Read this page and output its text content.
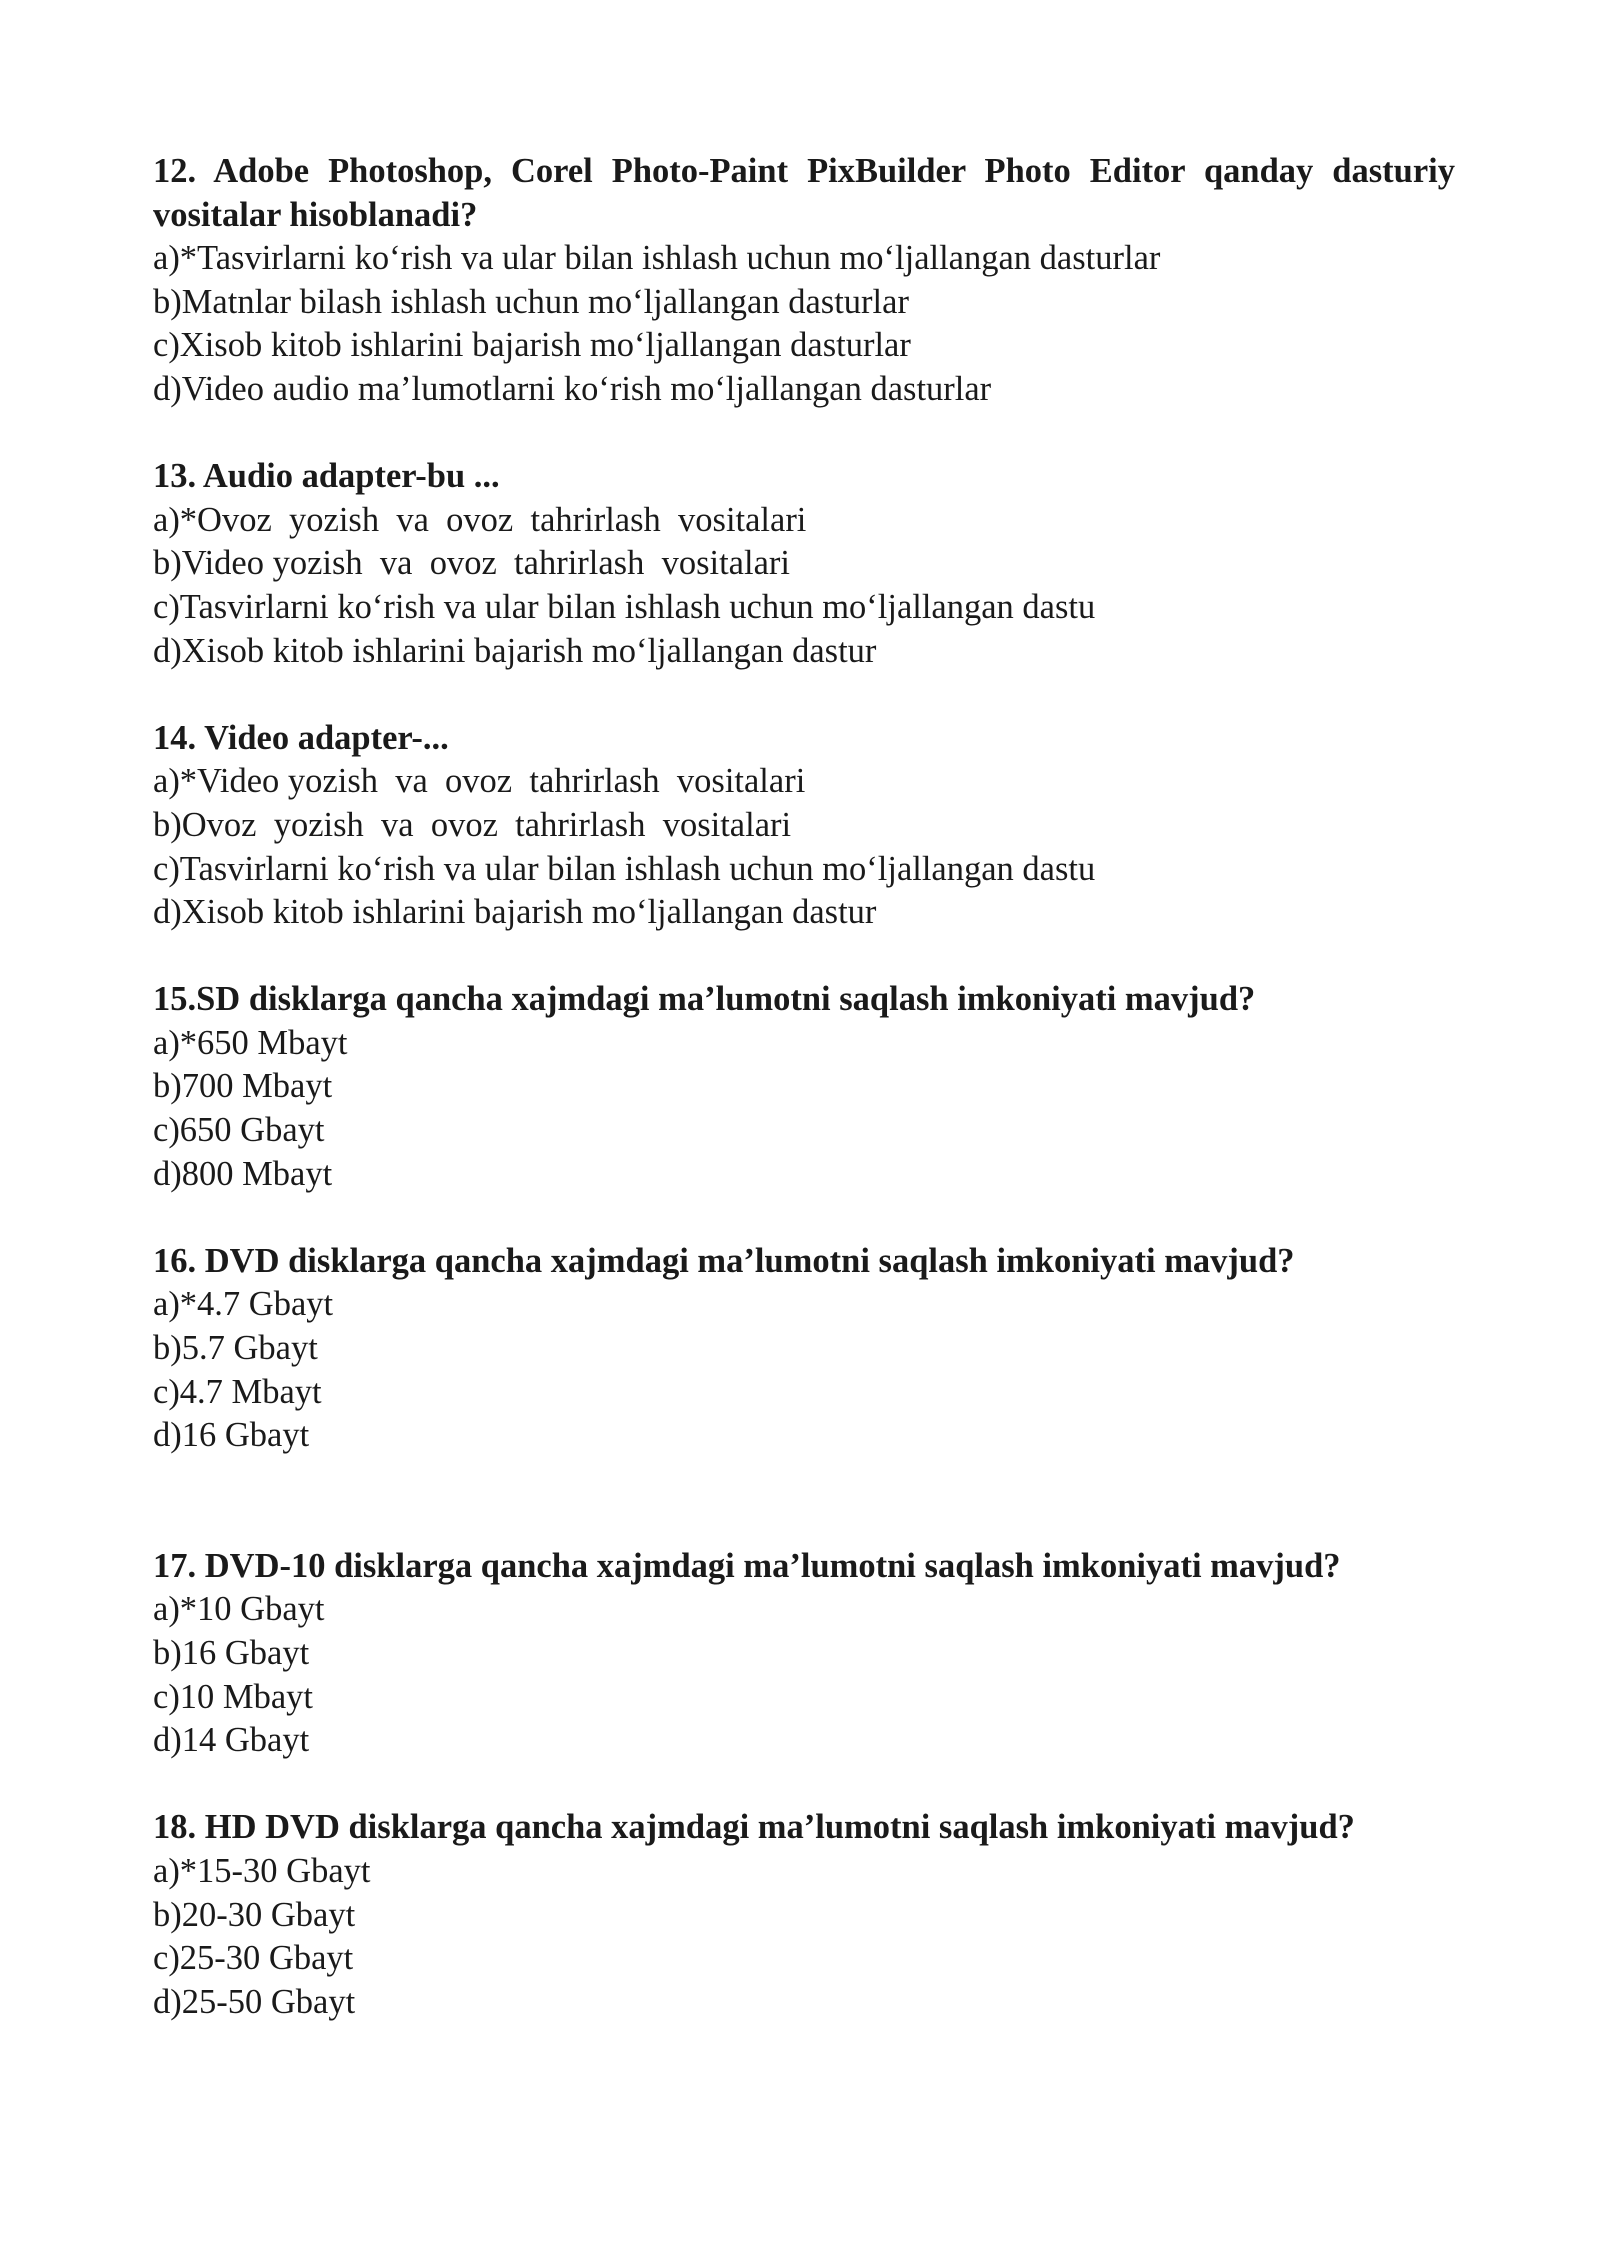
12. Adobe Photoshop, Corel Photo-Paint PixBuilder Photo Editor qanday dasturiy vositalar hisoblanadi?

a)*Tasvirlarni ko‘rish va ular bilan ishlash uchun mo‘ljallangan dasturlar

b)Matnlar bilash ishlash uchun mo‘ljallangan dasturlar

c)Xisob kitob ishlarini bajarish mo‘ljallangan dasturlar

d)Video audio ma’lumotlarni ko‘rish mo‘ljallangan dasturlar

13. Audio adapter-bu ...

a)*Ovoz  yozish  va  ovoz  tahrirlash  vositalari

b)Video yozish  va  ovoz  tahrirlash  vositalari

c)Tasvirlarni ko‘rish va ular bilan ishlash uchun mo‘ljallangan dastu

d)Xisob kitob ishlarini bajarish mo‘ljallangan dastur

14. Video adapter-...

a)*Video yozish  va  ovoz  tahrirlash  vositalari

b)Ovoz  yozish  va  ovoz  tahrirlash  vositalari

c)Tasvirlarni ko‘rish va ular bilan ishlash uchun mo‘ljallangan dastu

d)Xisob kitob ishlarini bajarish mo‘ljallangan dastur

15.SD disklarga qancha xajmdagi ma’lumotni saqlash imkoniyati mavjud?

a)*650 Mbayt

b)700 Mbayt

c)650 Gbayt

d)800 Mbayt

16. DVD disklarga qancha xajmdagi ma’lumotni saqlash imkoniyati mavjud?

a)*4.7 Gbayt

b)5.7 Gbayt

c)4.7 Mbayt

d)16 Gbayt

17. DVD-10 disklarga qancha xajmdagi ma’lumotni saqlash imkoniyati mavjud?

a)*10 Gbayt

b)16 Gbayt

c)10 Mbayt

d)14 Gbayt

18. HD DVD disklarga qancha xajmdagi ma’lumotni saqlash imkoniyati mavjud?

a)*15-30 Gbayt

b)20-30 Gbayt

c)25-30 Gbayt

d)25-50 Gbayt
